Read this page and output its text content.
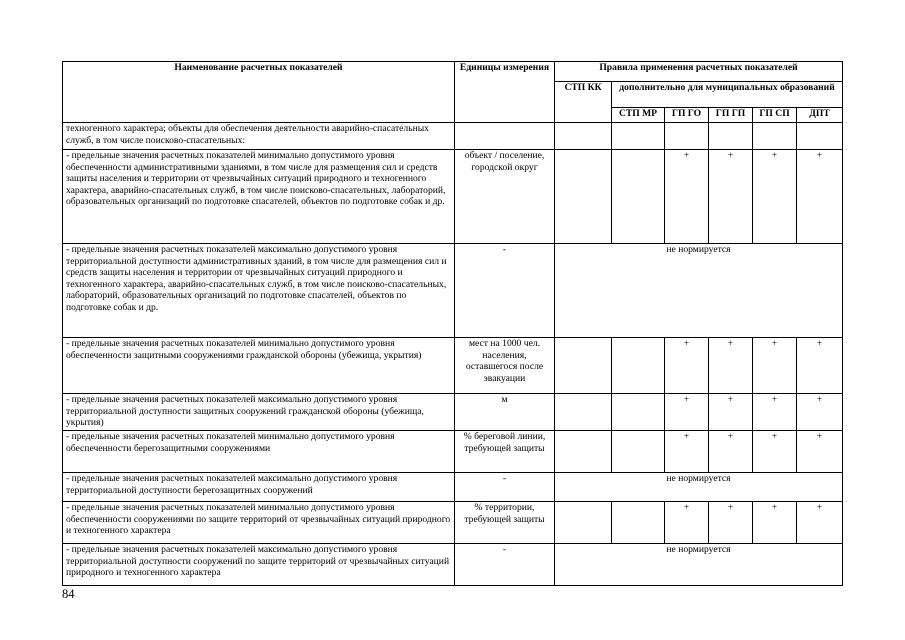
Наименование расчетных показателей	Единицы измерения	Правила применения расчетных показателей					
		СТП КК	дополнительно для муниципальных образований				
			СТП МР	ГП ГО	ГП ГП	ГП СП	ДПТ
техногенного характера; объекты для обеспечения деятельности аварийно-спасательных служб, в том числе поисково-спасательных:							
- предельные значения расчетных показателей минимально допустимого уровня обеспеченности административными зданиями, в том числе для размещения сил и средств защиты населения и территории от чрезвычайных ситуаций природного и техногенного характера, аварийно-спасательных служб, в том числе поисково-спасательных, лабораторий, образовательных организаций по подготовке спасателей, объектов по подготовке собак и др.	объект / поселение, городской округ			+	+	+	+
- предельные значения расчетных показателей максимально допустимого уровня территориальной доступности административных зданий, в том числе для размещения сил и средств защиты населения и территории от чрезвычайных ситуаций природного и техногенного характера, аварийно-спасательных служб, в том числе поисково-спасательных, лабораторий, образовательных организаций по подготовке спасателей, объектов по подготовке собак и др.	-	не нормируется					
- предельные значения расчетных показателей минимально допустимого уровня обеспеченности защитными сооружениями гражданской обороны (убежища, укрытия)	мест на 1000 чел. населения, оставшегося после эвакуации			+	+	+	+
- предельные значения расчетных показателей максимально допустимого уровня территориальной доступности защитных сооружений гражданской обороны (убежища, укрытия)	м			+	+	+	+
- предельные значения расчетных показателей минимально допустимого уровня обеспеченности берегозащитными сооружениями	% береговой линии, требующей защиты			+	+	+	+
- предельные значения расчетных показателей максимально допустимого уровня территориальной доступности берегозащитных сооружений	-	не нормируется					
- предельные значения расчетных показателей минимально допустимого уровня обеспеченности сооружениями по защите территорий от чрезвычайных ситуаций природного и техногенного характера	% территории, требующей защиты			+	+	+	+
- предельные значения расчетных показателей максимально допустимого уровня территориальной доступности сооружений по защите территорий от чрезвычайных ситуаций природного и техногенного характера	-	не нормируется					
84
